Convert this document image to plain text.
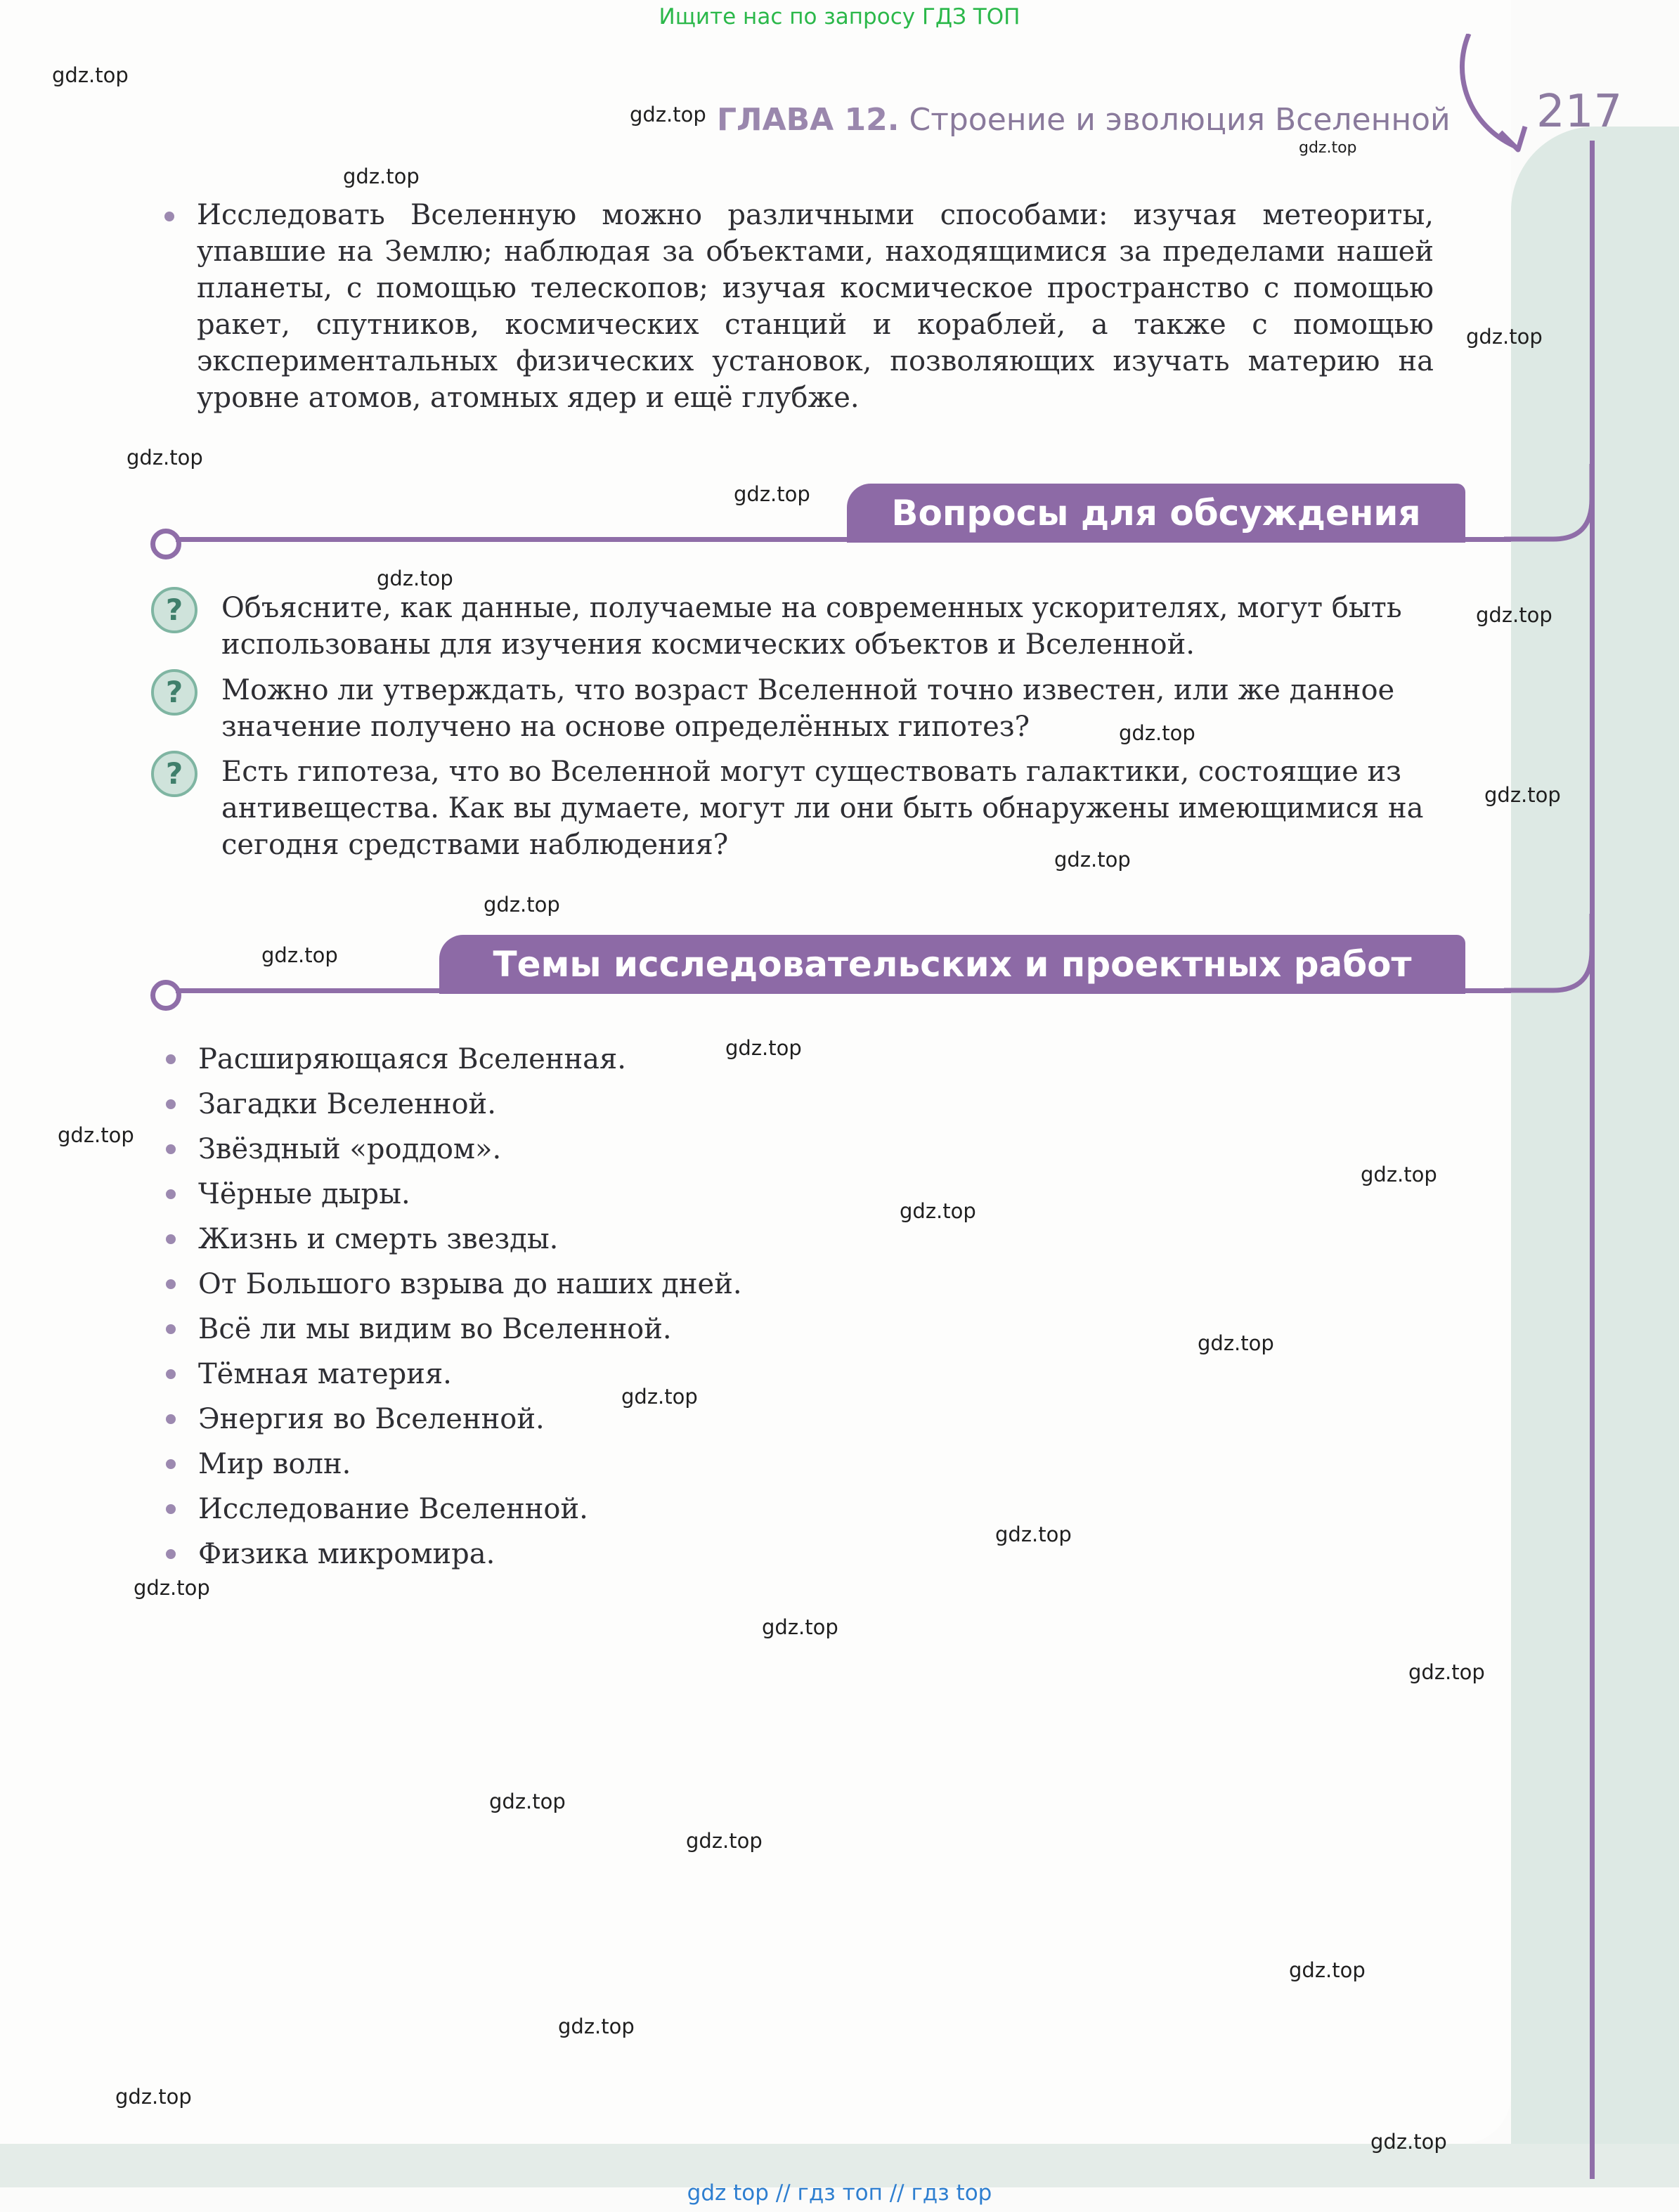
Ищите нас по запросу ГДЗ ТОП
ГЛАВА 12. Строение и эволюция Вселенной 217

Исследовать Вселенную можно различными способами: изучая метеориты, упавшие на Землю; наблюдая за объектами, находящимися за пределами нашей планеты, с помощью телескопов; изучая космическое пространство с помощью ракет, спутников, космических станций и кораблей, а также с помощью экспериментальных физических установок, позволяющих изучать материю на уровне атомов, атомных ядер и ещё глубже.

Вопросы для обсуждения
?	Объясните, как данные, получаемые на современных ускорителях, могут быть использованы для изучения космических объектов и Вселенной.

?	Можно ли утверждать, что возраст Вселенной точно известен, или же данное значение получено на основе определённых гипотез?

?	Есть гипотеза, что во Вселенной могут существовать галактики, состоящие из антивещества. Как вы думаете, могут ли они быть обнаружены имеющимися на сегодня средствами наблюдения?

Темы исследовательских и проектных работ
Расширяющаяся Вселенная.
Загадки Вселенной.
Звёздный «роддом».
Чёрные дыры.
Жизнь и смерть звезды.
От Большого взрыва до наших дней.
Всё ли мы видим во Вселенной.
Тёмная материя.
Энергия во Вселенной.
Мир волн.
Исследование Вселенной.
Физика микромира.
gdz.top
gdz.top
gdz.top
gdz.top
gdz.top
gdz.top
gdz.top
gdz.top
gdz.top
gdz.top
gdz.top
gdz.top
gdz.top
gdz.top
gdz.top
gdz.top
gdz.top
gdz.top
gdz.top
gdz.top
gdz.top
gdz.top
gdz.top
gdz.top
gdz.top
gdz.top
gdz.top
gdz.top
gdz.top
gdz.top
gdz top // гдз топ // гдз top
